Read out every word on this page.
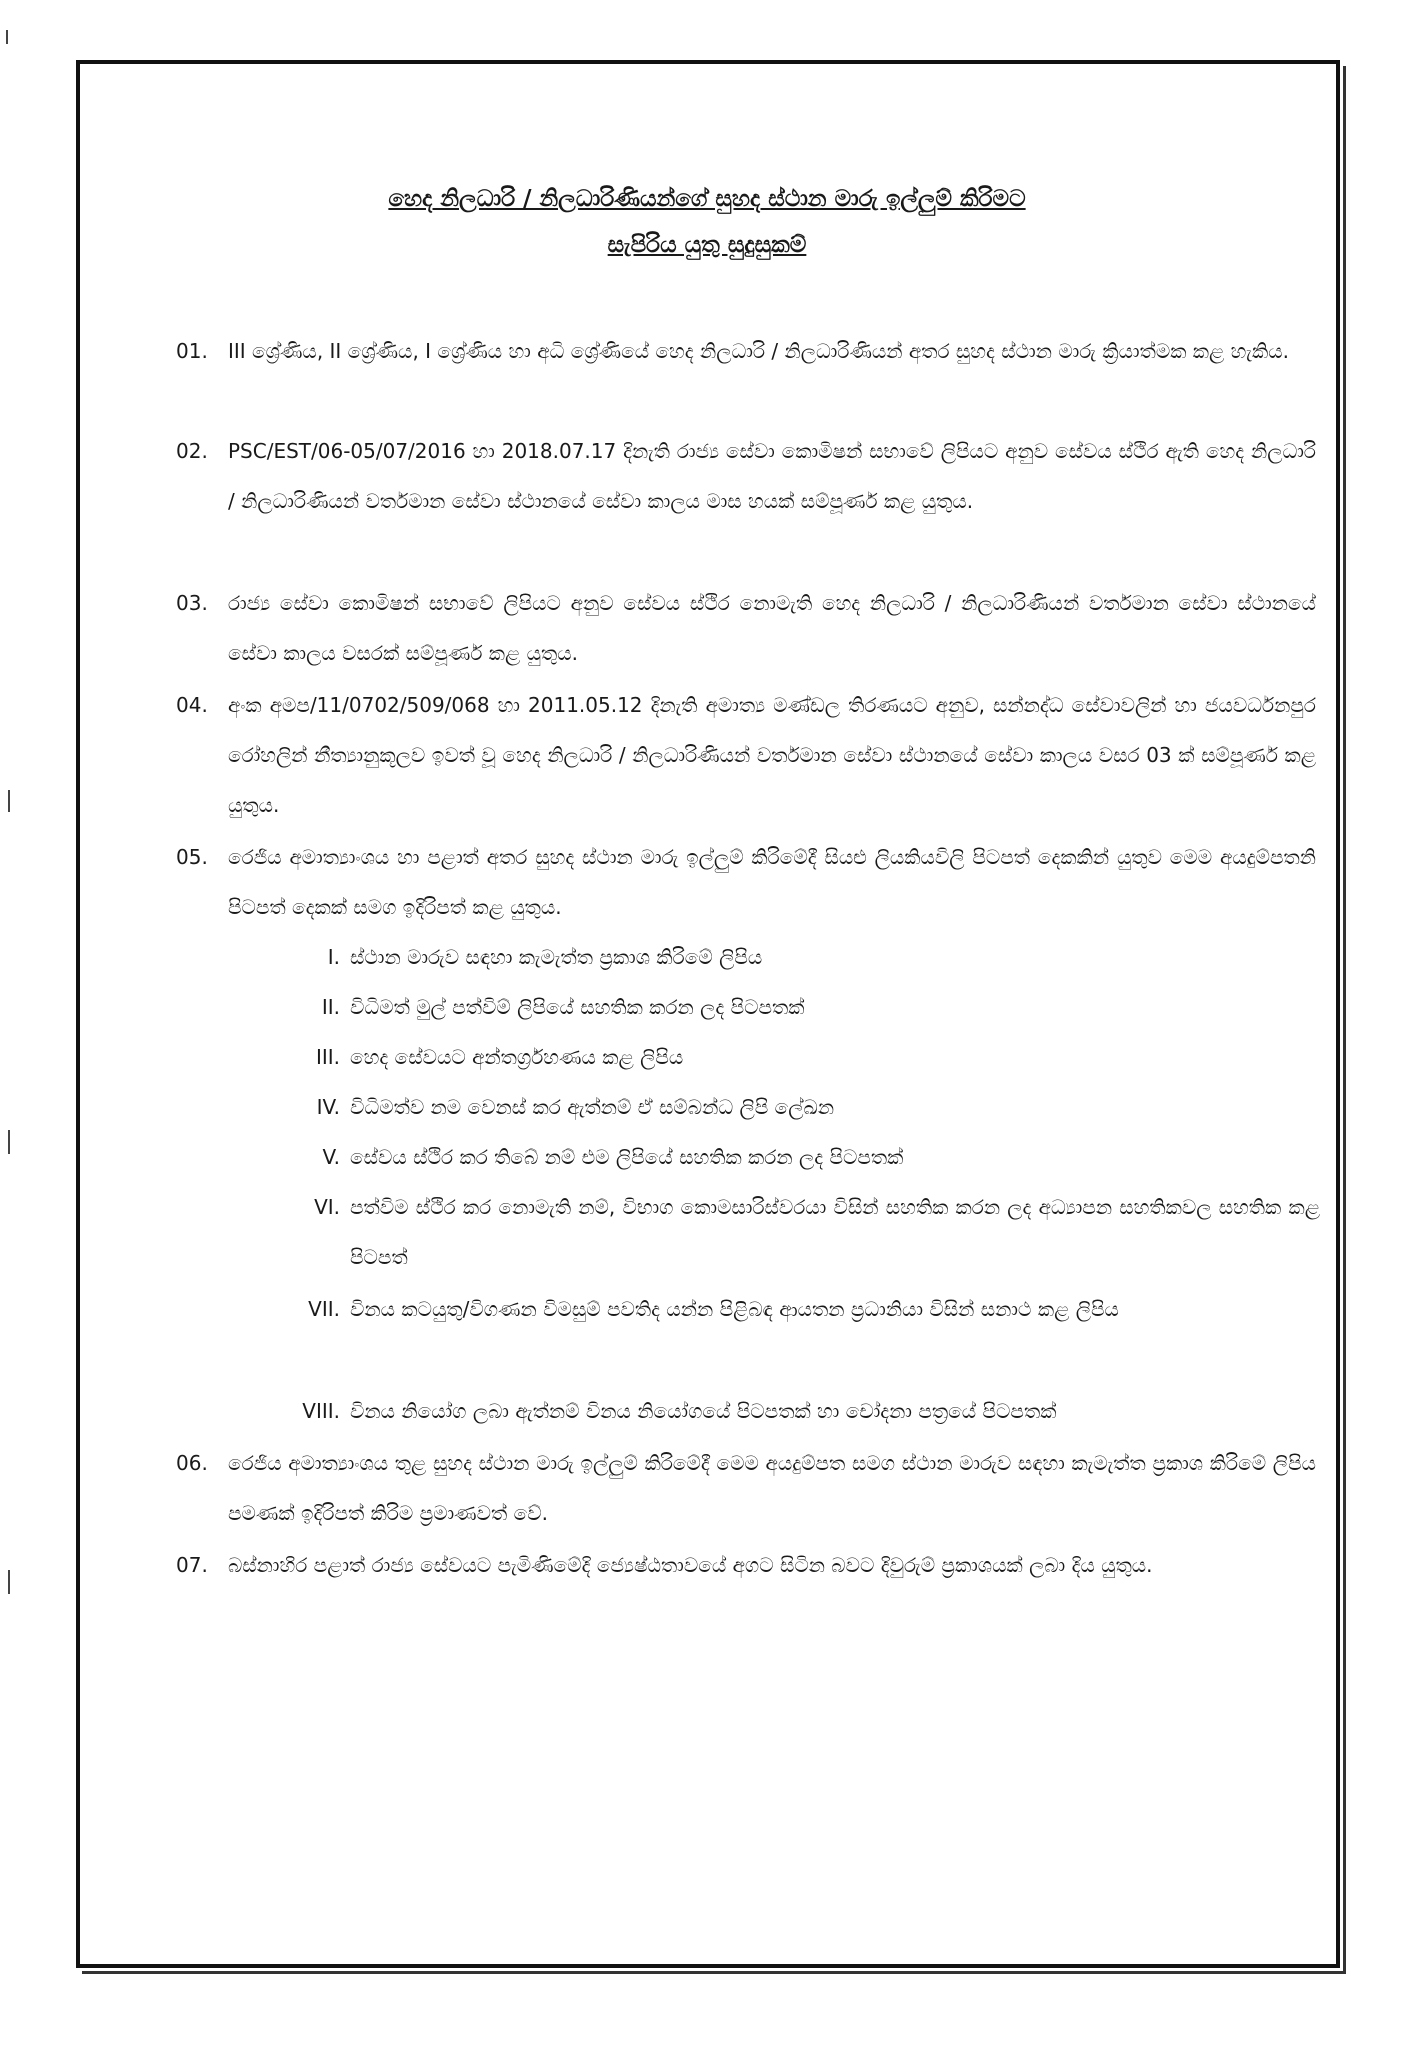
හෙද නිලධාරි / නිලධාරිණියන්ගේ සුහද ස්ථාන මාරු ඉල්ලුම් කිරිමට
සැපිරිය යුතු සුදුසුකම්
01.	III ශ්‍රේණිය, II ශ්‍රේණිය, I ශ්‍රේණිය හා අධි ශ්‍රේණියේ හෙද නිලධාරි / නිලධාරිණියන් අතර සුහද ස්ථාන මාරු ක්‍රියාත්මක කළ හැකිය.
02.	PSC/EST/06-05/07/2016 හා 2018.07.17 දිනැති රාජ්‍ය සේවා කොමිෂන් සභාවේ ලිපියට අනුව සේවය ස්ථිර ඇති හෙද නිලධාරි / නිලධාරිණියන් වර්තමාන සේවා ස්ථානයේ සේවා කාලය මාස හයක් සම්පූර්ණ කළ යුතුය.
03.	රාජ්‍ය සේවා කොමිෂන් සභාවේ ලිපියට අනුව සේවය ස්ථිර නොමැති හෙද නිලධාරි / නිලධාරිණියන් වර්තමාන සේවා ස්ථානයේ සේවා කාලය වසරක් සම්පූර්ණ කළ යුතුය.
04.	අංක අමප/11/0702/509/068 හා 2011.05.12 දිනැති අමාත්‍ය මණ්ඩල තිරණයට අනුව, සන්නද්ධ සේවාවලින් හා ජයවර්ධනපුර රෝහලින් නීත්‍යානුකූලව ඉවත් වූ හෙද නිලධාරි / නිලධාරිණියන් වර්තමාන සේවා ස්ථානයේ සේවා කාලය වසර 03 ක් සම්පූර්ණ කළ යුතුය.
05.	රෙජිය අමාත්‍යාංශය හා පළාත් අතර සුහද ස්ථාන මාරු ඉල්ලුම් කිරිමේදී සියළු ලියකියවිලි පිටපත් දෙකකින් යුතුව මෙම අයදුම්පතනි පිටපත් දෙකක් සමග ඉදිරිපත් කළ යුතුය.
I. ස්ථාන මාරුව සඳහා කැමැත්ත ප්‍රකාශ කිරිමේ ලිපිය
II. විධිමත් මුල් පත්විම් ලිපියේ සහතික කරන ලද පිටපතක්
III. හෙද සේවයට අන්තර්ග්‍රහණය කළ ලිපිය
IV. විධිමත්ව නම වෙනස් කර ඇත්නම් ඒ සම්බන්ධ ලිපි ලේඛන
V. සේවය ස්ථිර කර තිබේ නම් එම ලිපියේ සහතික කරන ලද පිටපතක්
VI. පත්විම ස්ථිර කර නොමැති නම්, විභාග කොමසාරිස්වරයා විසින් සහතික කරන ලද අධ්‍යාපන සහතිකවල සහතික කළ පිටපත්
VII. විනය කටයුතු/විගණන විමසුම් පවතිද යන්න පිළිබඳ ආයතන ප්‍රධානියා විසින් සනාථ කළ ලිපිය
VIII. විනය නියෝග ලබා ඇත්නම් විනය නියෝගයේ පිටපතක් හා චෝදනා පත්‍රයේ පිටපතක්
06.	රෙජිය අමාත්‍යාංශය තුළ සුහද ස්ථාන මාරු ඉල්ලුම් කිරිමේදී මෙම අයදුම්පත සමග ස්ථාන මාරුව සඳහා කැමැත්ත ප්‍රකාශ කිරිමේ ලිපිය පමණක් ඉදිරිපත් කිරිම ප්‍රමාණවත් වේ.
07.	බස්නාහිර පළාත් රාජ්‍ය සේවයට පැමිණිමේදි ජ්‍යෙෂ්ඨතාවයේ අගට සිටින බවට දිවුරුම් ප්‍රකාශයක් ලබා දිය යුතුය.
